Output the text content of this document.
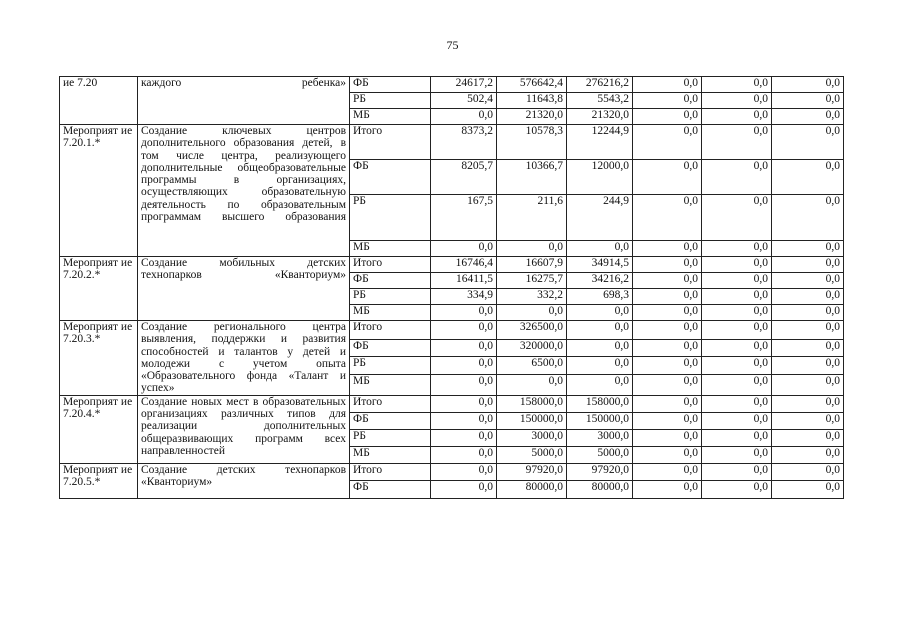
75
ие 7.20	каждого ребенка»	ФБ	24617,2	576642,4	276216,2	0,0	0,0	0,0
		РБ	502,4	11643,8	5543,2	0,0	0,0	0,0
		МБ	0,0	21320,0	21320,0	0,0	0,0	0,0
Мероприят ие 7.20.1.*	Создание ключевых центров дополнительного образования детей, в том числе центра, реализующего дополнительные общеобразовательные программы в организациях, осуществляющих образовательную деятельность по образовательным программам высшего образования	Итого	8373,2	10578,3	12244,9	0,0	0,0	0,0
		ФБ	8205,7	10366,7	12000,0	0,0	0,0	0,0
		РБ	167,5	211,6	244,9	0,0	0,0	0,0
		МБ	0,0	0,0	0,0	0,0	0,0	0,0
Мероприят ие 7.20.2.*	Создание мобильных детских технопарков «Кванториум»	Итого	16746,4	16607,9	34914,5	0,0	0,0	0,0
		ФБ	16411,5	16275,7	34216,2	0,0	0,0	0,0
		РБ	334,9	332,2	698,3	0,0	0,0	0,0
		МБ	0,0	0,0	0,0	0,0	0,0	0,0
Мероприят ие 7.20.3.*	Создание регионального центра выявления, поддержки и развития способностей и талантов у детей и молодежи с учетом опыта «Образовательного фонда «Талант и успех»	Итого	0,0	326500,0	0,0	0,0	0,0	0,0
		ФБ	0,0	320000,0	0,0	0,0	0,0	0,0
		РБ	0,0	6500,0	0,0	0,0	0,0	0,0
		МБ	0,0	0,0	0,0	0,0	0,0	0,0
Мероприят ие 7.20.4.*	Создание новых мест в образовательных организациях различных типов для реализации дополнительных общеразвивающих программ всех направленностей	Итого	0,0	158000,0	158000,0	0,0	0,0	0,0
		ФБ	0,0	150000,0	150000,0	0,0	0,0	0,0
		РБ	0,0	3000,0	3000,0	0,0	0,0	0,0
		МБ	0,0	5000,0	5000,0	0,0	0,0	0,0
Мероприят ие 7.20.5.*	Создание детских технопарков «Кванториум»	Итого	0,0	97920,0	97920,0	0,0	0,0	0,0
		ФБ	0,0	80000,0	80000,0	0,0	0,0	0,0
